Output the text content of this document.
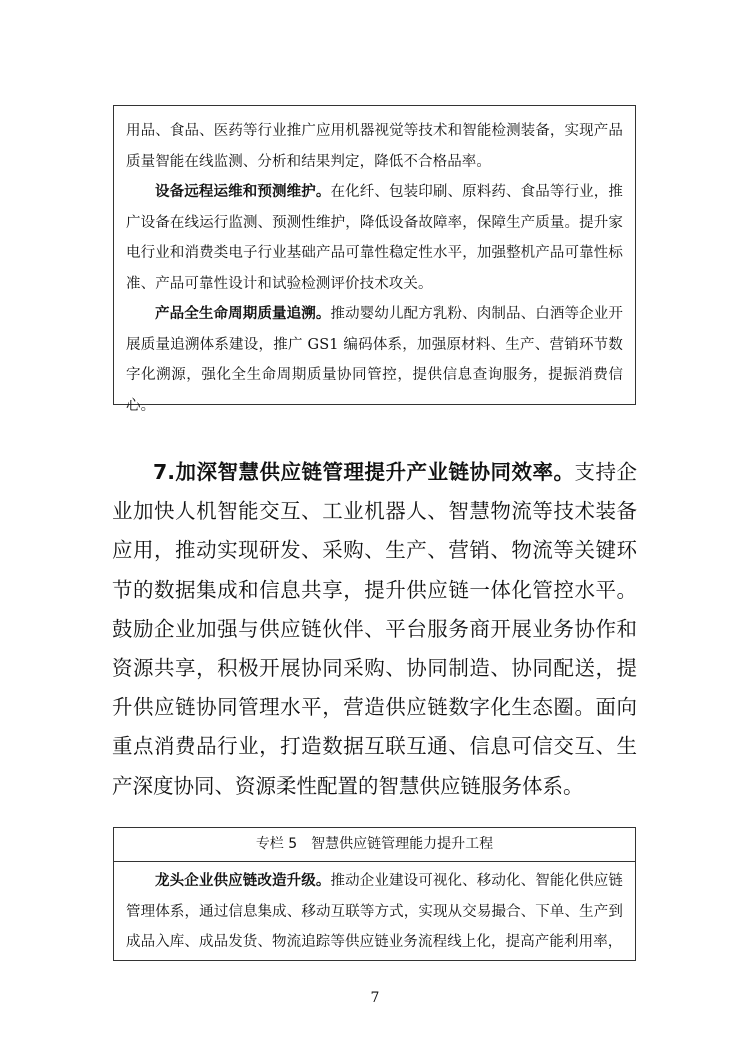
用品、食品、医药等行业推广应用机器视觉等技术和智能检测装备，实现产品质量智能在线监测、分析和结果判定，降低不合格品率。

设备远程运维和预测维护。在化纤、包装印刷、原料药、食品等行业，推广设备在线运行监测、预测性维护，降低设备故障率，保障生产质量。提升家电行业和消费类电子行业基础产品可靠性稳定性水平，加强整机产品可靠性标准、产品可靠性设计和试验检测评价技术攻关。

产品全生命周期质量追溯。推动婴幼儿配方乳粉、肉制品、白酒等企业开展质量追溯体系建设，推广 GS1 编码体系，加强原材料、生产、营销环节数字化溯源，强化全生命周期质量协同管控，提供信息查询服务，提振消费信心。

7.加深智慧供应链管理提升产业链协同效率。支持企业加快人机智能交互、工业机器人、智慧物流等技术装备应用，推动实现研发、采购、生产、营销、物流等关键环节的数据集成和信息共享，提升供应链一体化管控水平。鼓励企业加强与供应链伙伴、平台服务商开展业务协作和资源共享，积极开展协同采购、协同制造、协同配送，提升供应链协同管理水平，营造供应链数字化生态圈。面向重点消费品行业，打造数据互联互通、信息可信交互、生产深度协同、资源柔性配置的智慧供应链服务体系。

专栏 5　智慧供应链管理能力提升工程

龙头企业供应链改造升级。推动企业建设可视化、移动化、智能化供应链管理体系，通过信息集成、移动互联等方式，实现从交易撮合、下单、生产到成品入库、成品发货、物流追踪等供应链业务流程线上化，提高产能利用率，

7
